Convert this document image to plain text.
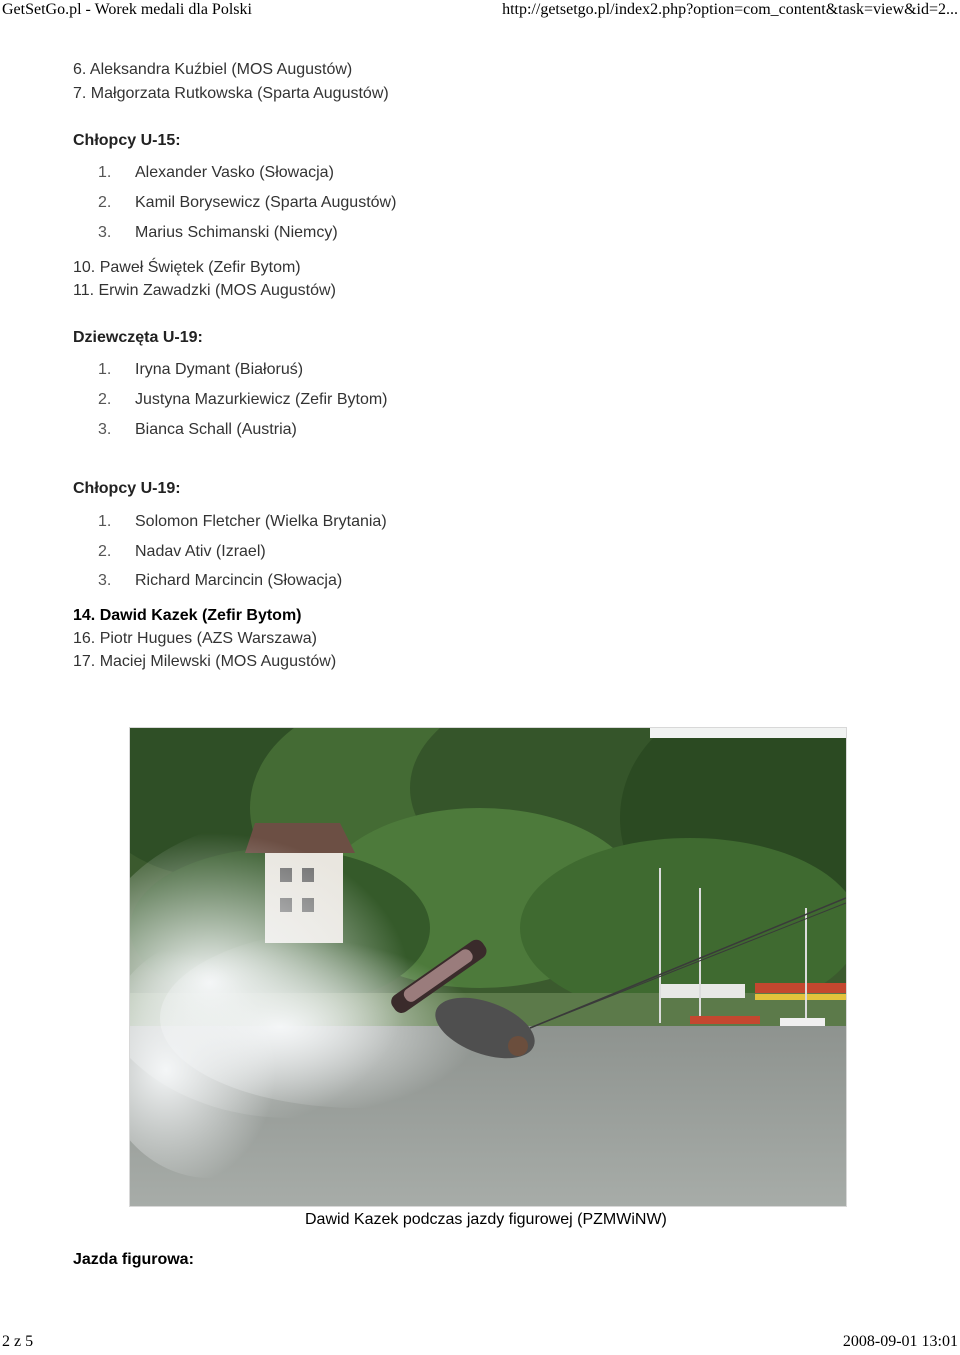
GetSetGo.pl - Worek medali dla Polski	http://getsetgo.pl/index2.php?option=com_content&task=view&id=2...
6. Aleksandra Kuźbiel (MOS Augustów)
7. Małgorzata Rutkowska (Sparta Augustów)
Chłopcy U-15:
1. Alexander Vasko (Słowacja)
2. Kamil Borysewicz (Sparta Augustów)
3. Marius Schimanski (Niemcy)
10. Paweł Świętek (Zefir Bytom)
11. Erwin Zawadzki (MOS Augustów)
Dziewczęta U-19:
1. Iryna Dymant (Białoruś)
2. Justyna Mazurkiewicz (Zefir Bytom)
3. Bianca Schall (Austria)
Chłopcy U-19:
1. Solomon Fletcher (Wielka Brytania)
2. Nadav Ativ (Izrael)
3. Richard Marcincin (Słowacja)
14. Dawid Kazek (Zefir Bytom)
16. Piotr Hugues (AZS Warszawa)
17. Maciej Milewski (MOS Augustów)
Dawid Kazek podczas jazdy figurowej (PZMWiNW)
Jazda figurowa:
2 z 5	2008-09-01 13:01
